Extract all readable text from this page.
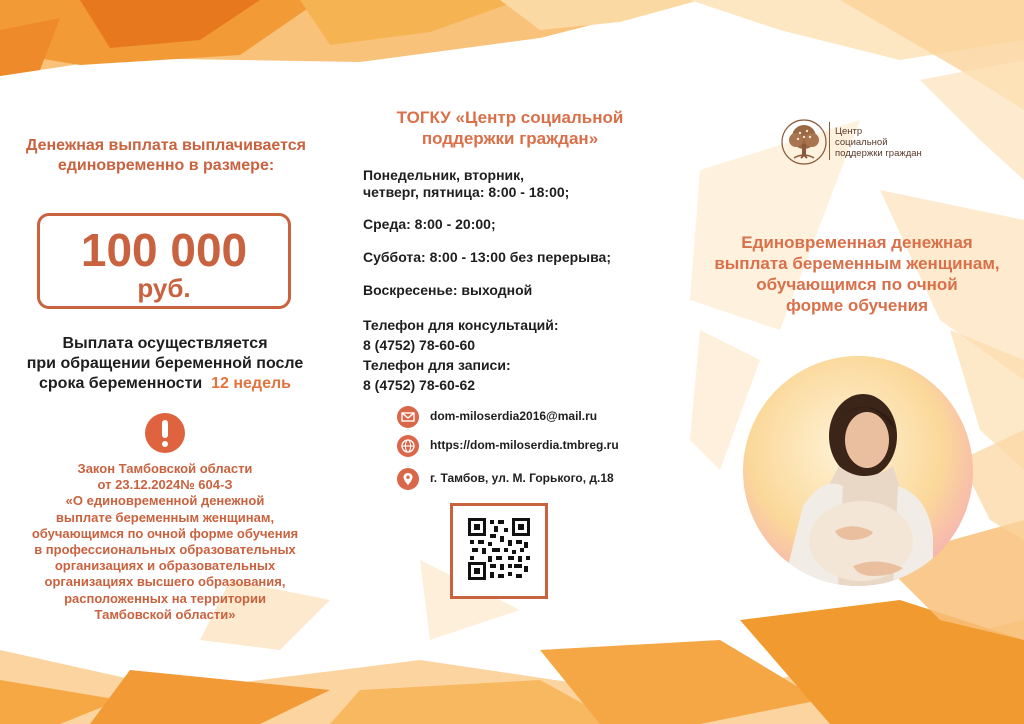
Денежная выплата выплачивается
единовременно в размере:
100 000
руб.
Выплата осуществляется
при обращении беременной после
срока беременности 12 недель
Закон Тамбовской области
от 23.12.2024№ 604-З
«О единовременной денежной
выплате беременным женщинам,
обучающимся по очной форме обучения
в профессиональных образовательных
организациях и образовательных
организациях высшего образования,
расположенных на территории
Тамбовской области»
ТОГКУ «Центр социальной
поддержки граждан»
Понедельник, вторник,
четверг, пятница: 8:00 - 18:00;
Среда: 8:00 - 20:00;
Суббота: 8:00 - 13:00 без перерыва;
Воскресенье: выходной
Телефон для консультаций:
8 (4752) 78-60-60
Телефон для записи:
8 (4752) 78-60-62
dom-miloserdia2016@mail.ru
https://dom-miloserdia.tmbreg.ru
г. Тамбов, ул. М. Горького, д.18
Центр
социальной
поддержки граждан
Единовременная денежная
выплата беременным женщинам,
обучающимся по очной
форме обучения
